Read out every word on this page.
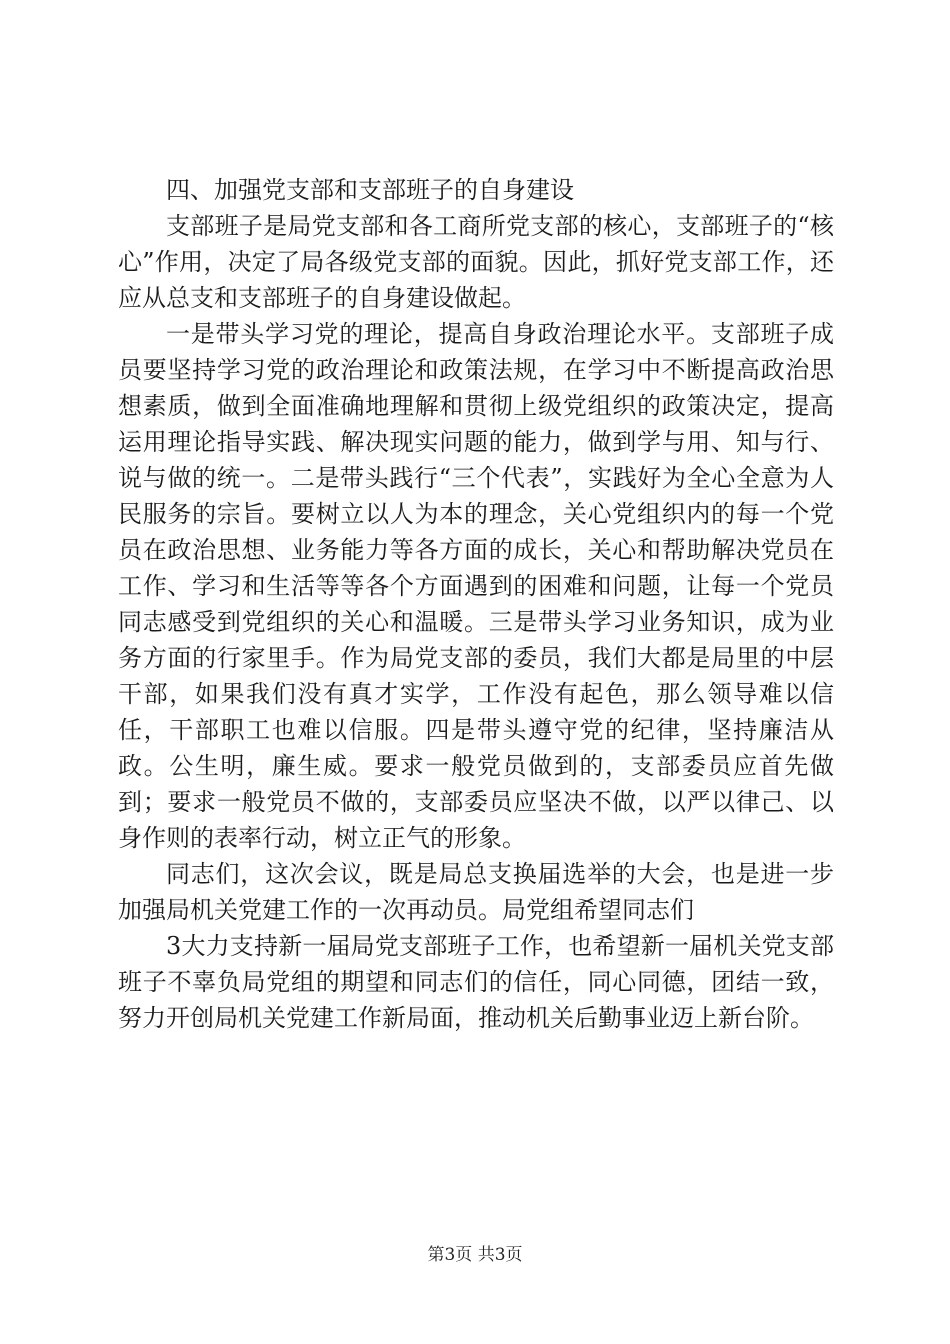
四、加强党支部和支部班子的自身建设

支部班子是局党支部和各工商所党支部的核心，支部班子的“核心”作用，决定了局各级党支部的面貌。因此，抓好党支部工作，还应从总支和支部班子的自身建设做起。

一是带头学习党的理论，提高自身政治理论水平。支部班子成员要坚持学习党的政治理论和政策法规，在学习中不断提高政治思想素质，做到全面准确地理解和贯彻上级党组织的政策决定，提高运用理论指导实践、解决现实问题的能力，做到学与用、知与行、说与做的统一。二是带头践行“三个代表”，实践好为全心全意为人民服务的宗旨。要树立以人为本的理念，关心党组织内的每一个党员在政治思想、业务能力等各方面的成长，关心和帮助解决党员在工作、学习和生活等等各个方面遇到的困难和问题，让每一个党员同志感受到党组织的关心和温暖。三是带头学习业务知识，成为业务方面的行家里手。作为局党支部的委员，我们大都是局里的中层干部，如果我们没有真才实学，工作没有起色，那么领导难以信任，干部职工也难以信服。四是带头遵守党的纪律，坚持廉洁从政。公生明，廉生威。要求一般党员做到的，支部委员应首先做到；要求一般党员不做的，支部委员应坚决不做，以严以律己、以身作则的表率行动，树立正气的形象。

同志们，这次会议，既是局总支换届选举的大会，也是进一步加强局机关党建工作的一次再动员。局党组希望同志们

3大力支持新一届局党支部班子工作，也希望新一届机关党支部班子不辜负局党组的期望和同志们的信任，同心同德，团结一致，努力开创局机关党建工作新局面，推动机关后勤事业迈上新台阶。

第3页 共3页
